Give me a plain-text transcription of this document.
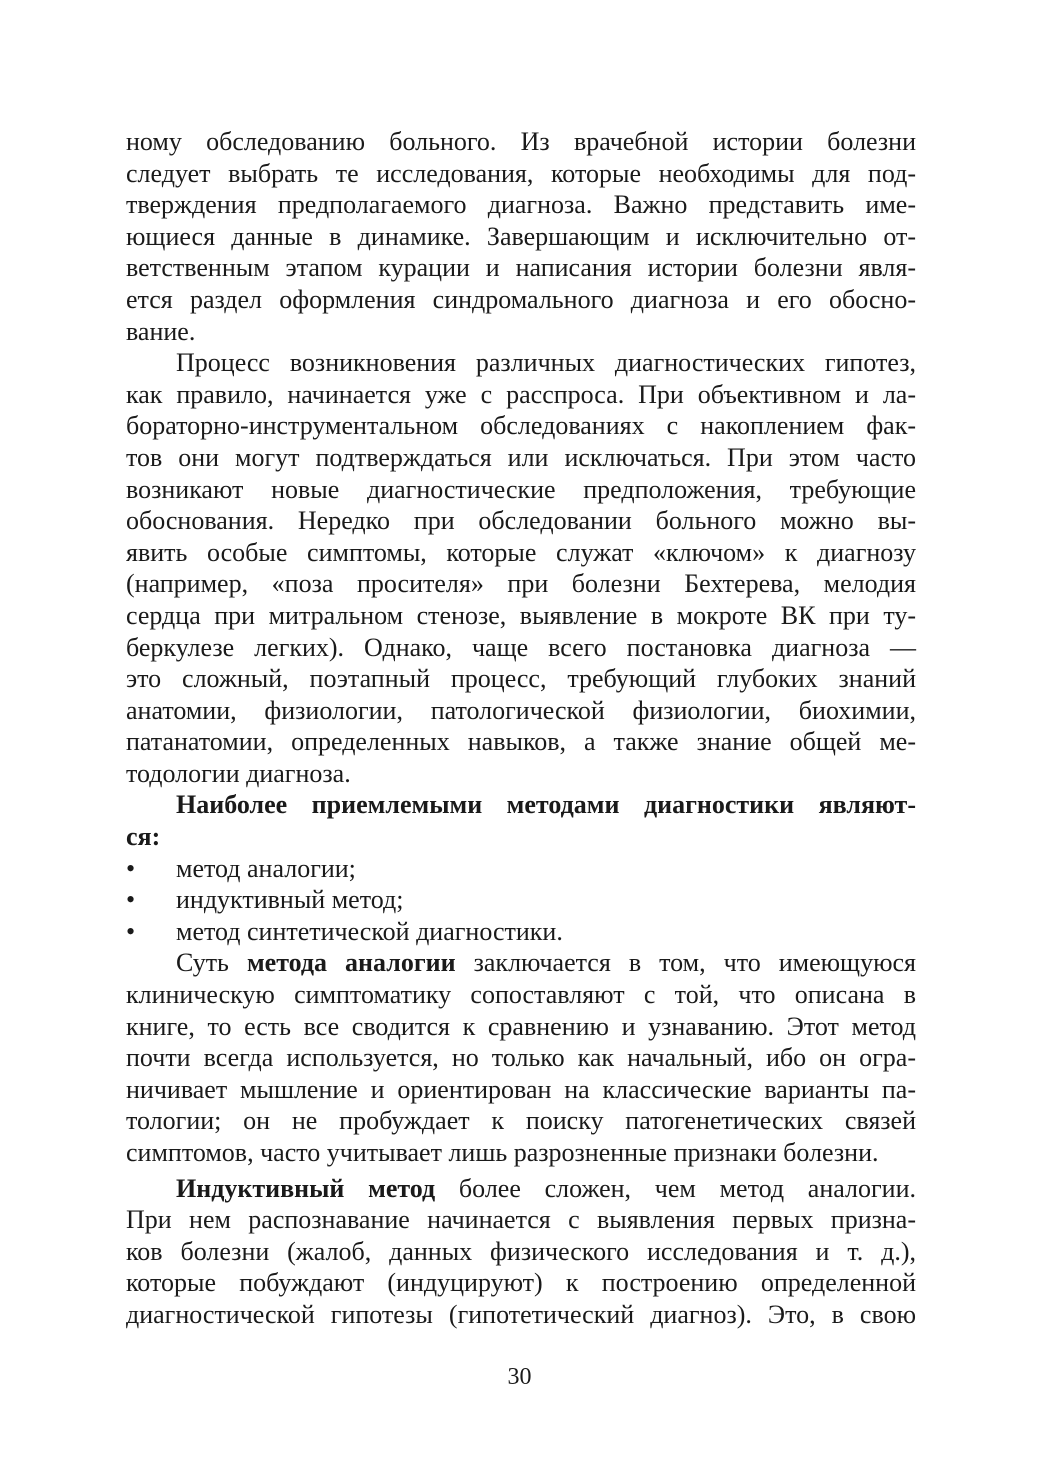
ному обследованию больного. Из врачебной истории болезни
следует выбрать те исследования, которые необходимы для под-
тверждения предполагаемого диагноза. Важно представить име-
ющиеся данные в динамике. Завершающим и исключительно от-
ветственным этапом курации и написания истории болезни явля-
ется раздел оформления синдромального диагноза и его обосно-
вание.
Процесс возникновения различных диагностических гипотез,
как правило, начинается уже с расспроса. При объективном и ла-
бораторно-инструментальном обследованиях с накоплением фак-
тов они могут подтверждаться или исключаться. При этом часто
возникают новые диагностические предположения, требующие
обоснования. Нередко при обследовании больного можно вы-
явить особые симптомы, которые служат «ключом» к диагнозу
(например, «поза просителя» при болезни Бехтерева, мелодия
сердца при митральном стенозе, выявление в мокроте ВК при ту-
беркулезе легких). Однако, чаще всего постановка диагноза —
это сложный, поэтапный процесс, требующий глубоких знаний
анатомии, физиологии, патологической физиологии, биохимии,
патанатомии, определенных навыков, а также знание общей ме-
тодологии диагноза.
Наиболее приемлемыми методами диагностики являют-
ся:
• метод аналогии;
• индуктивный метод;
• метод синтетической диагностики.
Суть метода аналогии заключается в том, что имеющуюся
клиническую симптоматику сопоставляют с той, что описана в
книге, то есть все сводится к сравнению и узнаванию. Этот метод
почти всегда используется, но только как начальный, ибо он огра-
ничивает мышление и ориентирован на классические варианты па-
тологии; он не пробуждает к поиску патогенетических связей
симптомов, часто учитывает лишь разрозненные признаки болезни.
Индуктивный метод более сложен, чем метод аналогии.
При нем распознавание начинается с выявления первых призна-
ков болезни (жалоб, данных физического исследования и т. д.),
которые побуждают (индуцируют) к построению определенной
диагностической гипотезы (гипотетический диагноз). Это, в свою
30
